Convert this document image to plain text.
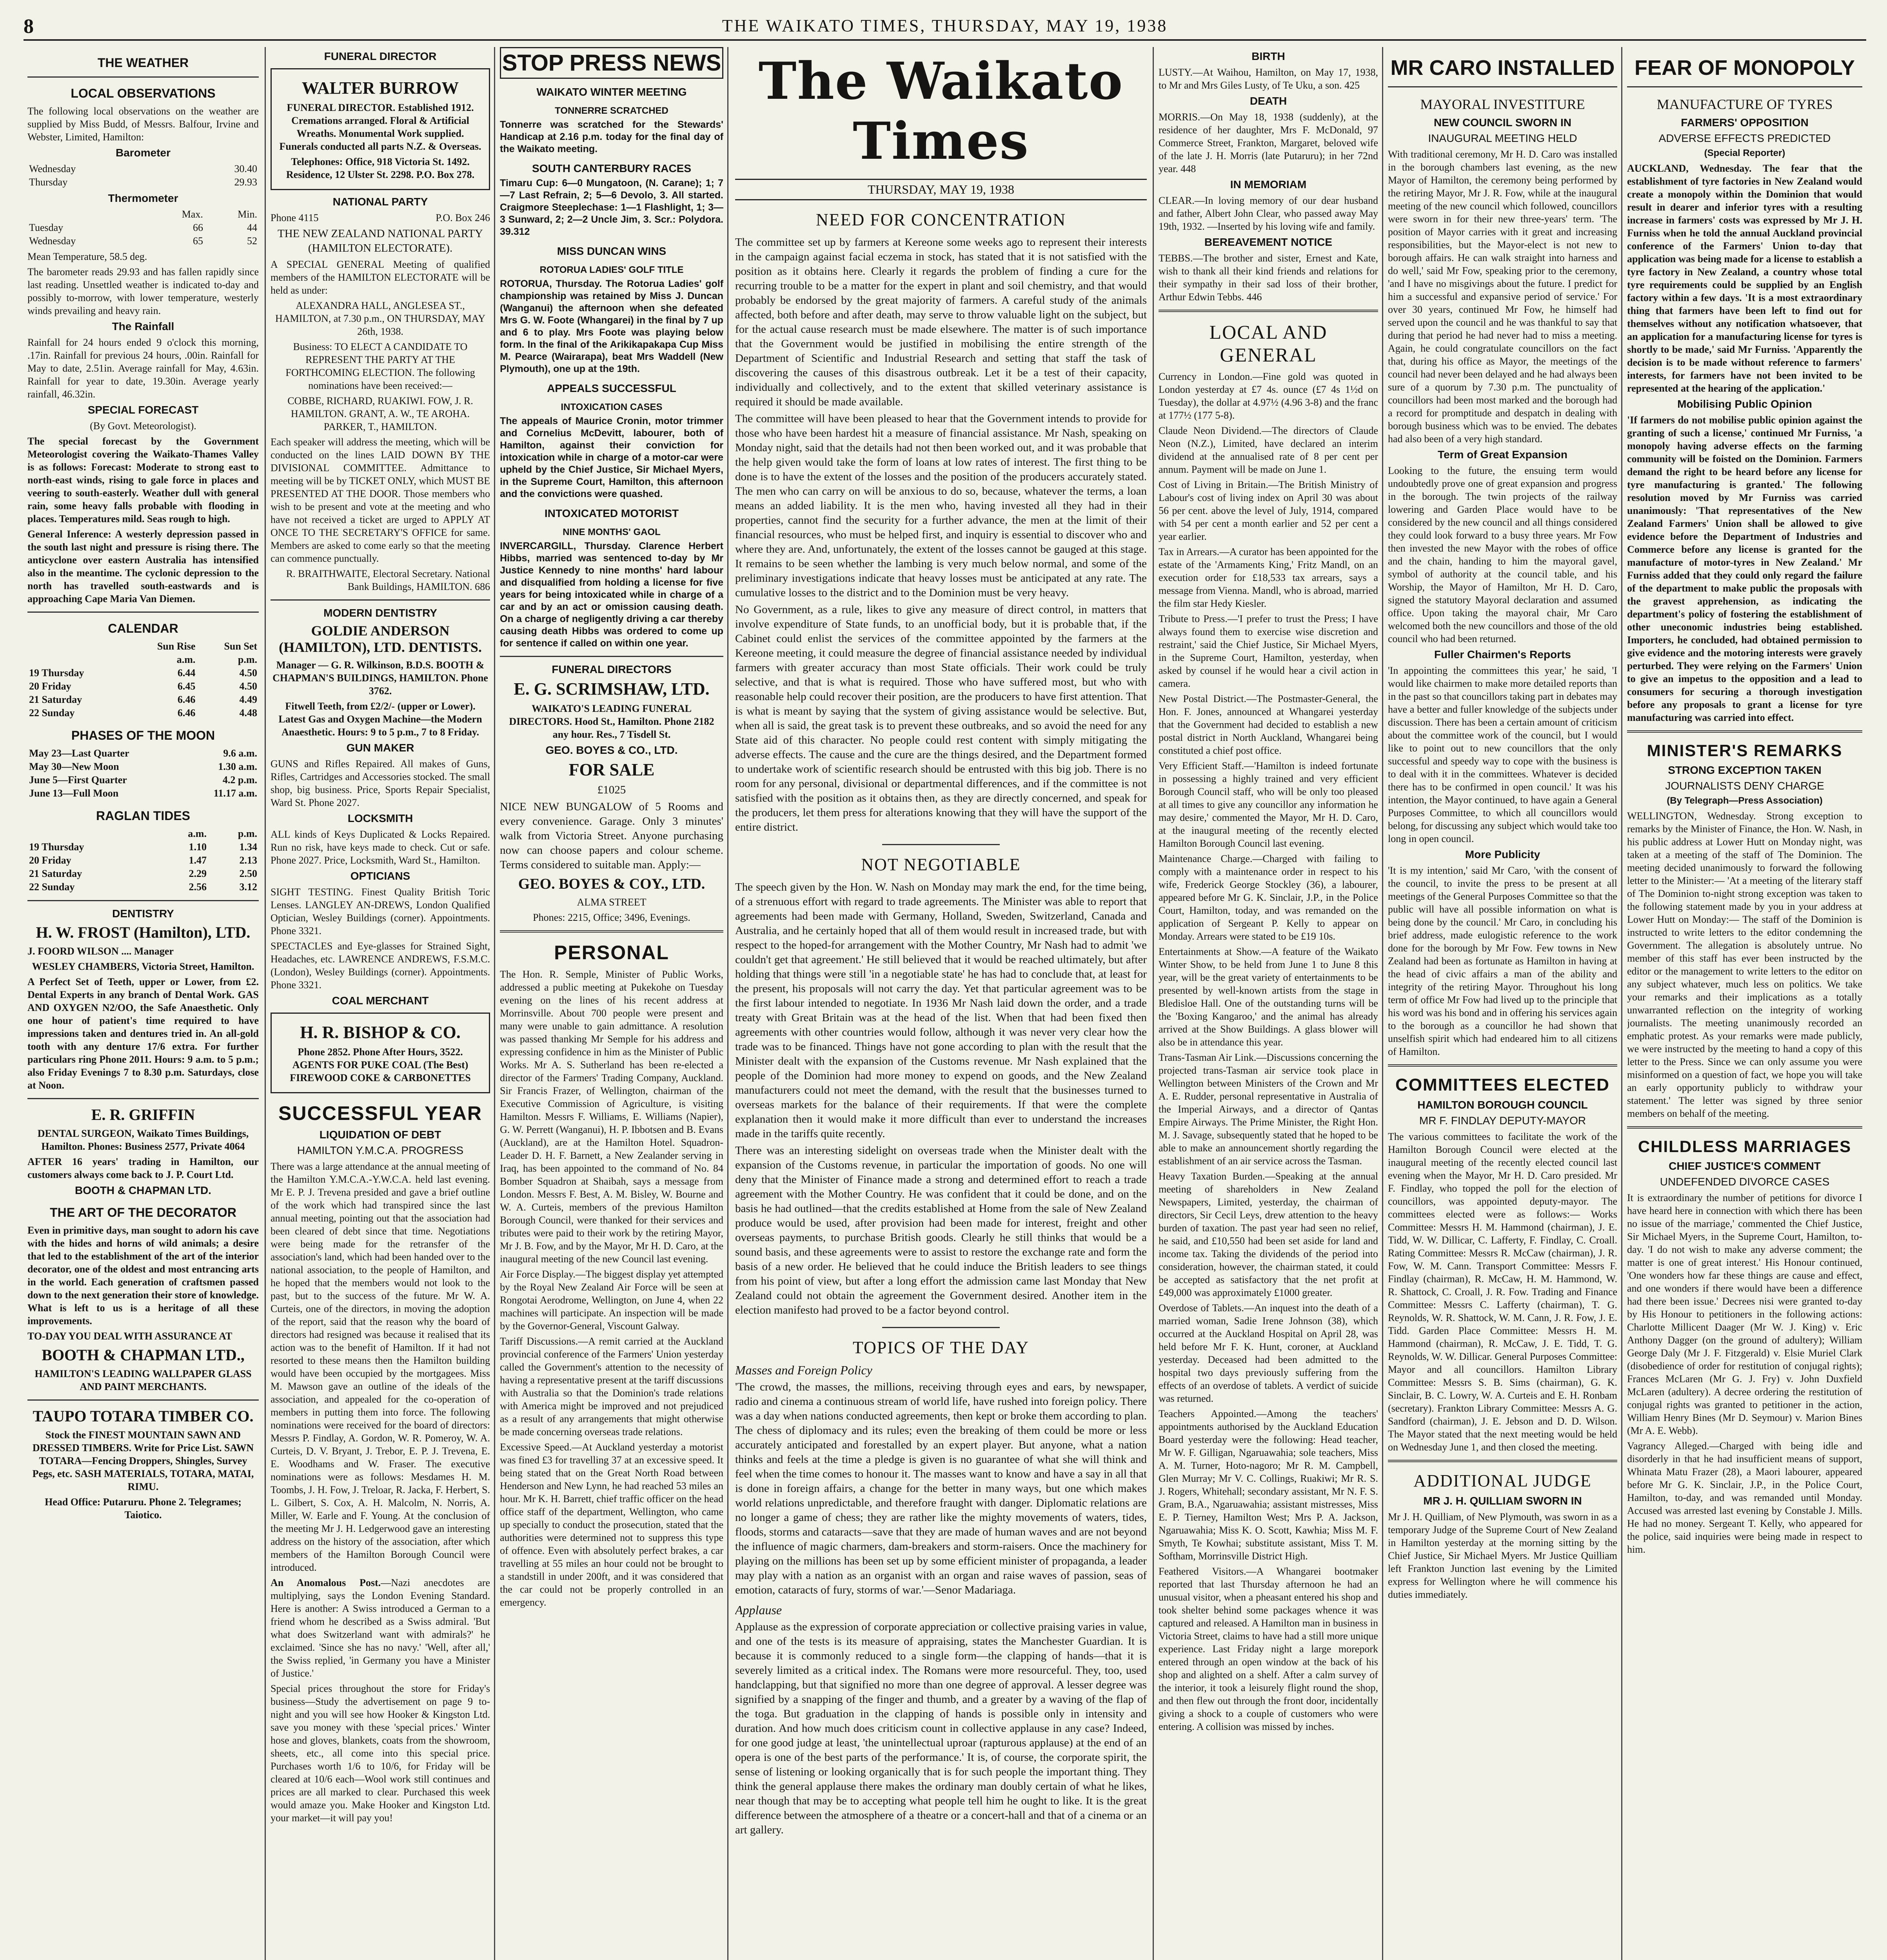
8	THE WAIKATO TIMES, THURSDAY, MAY 19, 1938
THE WEATHER
LOCAL OBSERVATIONS
The following local observations on the weather are supplied by Miss Budd, of Messrs. Balfour, Irvine and Webster, Limited, Hamilton:
Barometer
Wednesday	30.40
Thursday	29.93
Thermometer
	Max.	Min.
Tuesday	66	44
Wednesday	65	52
Mean Temperature, 58.5 deg.
The barometer reads 29.93 and has fallen rapidly since last reading. Unsettled weather is indicated to-day and possibly to-morrow, with lower temperature, westerly winds prevailing and heavy rain.
The Rainfall
Rainfall for 24 hours ended 9 o'clock this morning, .17in. Rainfall for previous 24 hours, .00in. Rainfall for May to date, 2.51in. Average rainfall for May, 4.63in. Rainfall for year to date, 19.30in. Average yearly rainfall, 46.32in.
SPECIAL FORECAST
(By Govt. Meteorologist).
The special forecast by the Government Meteorologist covering the Waikato-Thames Valley is as follows: Forecast: Moderate to strong east to north-east winds, rising to gale force in places and veering to south-easterly. Weather dull with general rain, some heavy falls probable with flooding in places. Temperatures mild. Seas rough to high.
General Inference: A westerly depression passed in the south last night and pressure is rising there. The anticyclone over eastern Australia has intensified also in the meantime. The cyclonic depression to the north has travelled south-eastwards and is approaching Cape Maria Van Diemen.
CALENDAR
	Sun Rise	Sun Set
	a.m.	p.m.
19 Thursday	6.44	4.50
20 Friday	6.45	4.50
21 Saturday	6.46	4.49
22 Sunday	6.46	4.48
PHASES OF THE MOON
May 23—Last Quarter	9.6 a.m.
May 30—New Moon	1.30 a.m.
June 5—First Quarter	4.2 p.m.
June 13—Full Moon	11.17 a.m.
RAGLAN TIDES
	a.m.	p.m.
19 Thursday	1.10	1.34
20 Friday	1.47	2.13
21 Saturday	2.29	2.50
22 Sunday	2.56	3.12
DENTISTRY
H. W. FROST (Hamilton), LTD.
J. FOORD WILSON .... Manager
WESLEY CHAMBERS, Victoria Street, Hamilton.
A Perfect Set of Teeth, upper or Lower, from £2. Dental Experts in any branch of Dental Work. GAS AND OXYGEN N2/OO, the Safe Anaesthetic. Only one hour of patient's time required to have impressions taken and dentures tried in. An all-gold tooth with any denture 17/6 extra. For further particulars ring Phone 2011. Hours: 9 a.m. to 5 p.m.; also Friday Evenings 7 to 8.30 p.m. Saturdays, close at Noon.
E. R. GRIFFIN
DENTAL SURGEON, Waikato Times Buildings, Hamilton. Phones: Business 2577, Private 4064
AFTER 16 years' trading in Hamilton, our customers always come back to J. P. Court Ltd.
BOOTH & CHAPMAN LTD.
THE ART OF THE DECORATOR
Even in primitive days, man sought to adorn his cave with the hides and horns of wild animals; a desire that led to the establishment of the art of the interior decorator, one of the oldest and most entrancing arts in the world. Each generation of craftsmen passed down to the next generation their store of knowledge. What is left to us is a heritage of all these improvements.
TO-DAY YOU DEAL WITH ASSURANCE AT
BOOTH & CHAPMAN LTD.,
HAMILTON'S LEADING WALLPAPER GLASS AND PAINT MERCHANTS.
TAUPO TOTARA TIMBER CO.
Stock the FINEST MOUNTAIN SAWN AND DRESSED TIMBERS. Write for Price List. SAWN TOTARA—Fencing Droppers, Shingles, Survey Pegs, etc. SASH MATERIALS, TOTARA, MATAI, RIMU.
Head Office: Putaruru. Phone 2. Telegrames; Taiotico.
FUNERAL DIRECTOR
WALTER BURROW
FUNERAL DIRECTOR. Established 1912. Cremations arranged. Floral & Artificial Wreaths. Monumental Work supplied. Funerals conducted all parts N.Z. & Overseas.
Telephones: Office, 918 Victoria St. 1492. Residence, 12 Ulster St. 2298. P.O. Box 278.
NATIONAL PARTY
Phone 4115	P.O. Box 246
THE NEW ZEALAND NATIONAL PARTY (HAMILTON ELECTORATE).
A SPECIAL GENERAL Meeting of qualified members of the HAMILTON ELECTORATE will be held as under:
ALEXANDRA HALL, ANGLESEA ST., HAMILTON, at 7.30 p.m., ON THURSDAY, MAY 26th, 1938.
Business: TO ELECT A CANDIDATE TO REPRESENT THE PARTY AT THE FORTHCOMING ELECTION. The following nominations have been received:—
COBBE, RICHARD, RUAKIWI. FOW, J. R. HAMILTON. GRANT, A. W., TE AROHA. PARKER, T., HAMILTON.
Each speaker will address the meeting, which will be conducted on the lines LAID DOWN BY THE DIVISIONAL COMMITTEE. Admittance to meeting will be by TICKET ONLY, which MUST BE PRESENTED AT THE DOOR. Those members who wish to be present and vote at the meeting and who have not received a ticket are urged to APPLY AT ONCE TO THE SECRETARY'S OFFICE for same. Members are asked to come early so that the meeting can commence punctually.
R. BRAITHWAITE, Electoral Secretary. National Bank Buildings, HAMILTON. 686
MODERN DENTISTRY
GOLDIE ANDERSON (HAMILTON), LTD. DENTISTS.
Manager — G. R. Wilkinson, B.D.S. BOOTH & CHAPMAN'S BUILDINGS, HAMILTON. Phone 3762.
Fitwell Teeth, from £2/2/- (upper or Lower). Latest Gas and Oxygen Machine—the Modern Anaesthetic. Hours: 9 to 5 p.m., 7 to 8 Friday.
GUN MAKER
GUNS and Rifles Repaired. All makes of Guns, Rifles, Cartridges and Accessories stocked. The small shop, big business. Price, Sports Repair Specialist, Ward St. Phone 2027.
LOCKSMITH
ALL kinds of Keys Duplicated & Locks Repaired. Run no risk, have keys made to check. Cut or safe. Phone 2027. Price, Locksmith, Ward St., Hamilton.
OPTICIANS
SIGHT TESTING. Finest Quality British Toric Lenses. LANGLEY AN-DREWS, London Qualified Optician, Wesley Buildings (corner). Appointments. Phone 3321.
SPECTACLES and Eye-glasses for Strained Sight, Headaches, etc. LAWRENCE ANDREWS, F.S.M.C. (London), Wesley Buildings (corner). Appointments. Phone 3321.
COAL MERCHANT
H. R. BISHOP & CO.
Phone 2852. Phone After Hours, 3522. AGENTS FOR PUKE COAL (The Best) FIREWOOD COKE & CARBONETTES
SUCCESSFUL YEAR
LIQUIDATION OF DEBT
HAMILTON Y.M.C.A. PROGRESS
There was a large attendance at the annual meeting of the Hamilton Y.M.C.A.-Y.W.C.A. held last evening. Mr E. P. J. Trevena presided and gave a brief outline of the work which had transpired since the last annual meeting, pointing out that the association had been cleared of debt since that time. Negotiations were being made for the retransfer of the association's land, which had been handed over to the national association, to the people of Hamilton, and he hoped that the members would not look to the past, but to the success of the future. Mr W. A. Curteis, one of the directors, in moving the adoption of the report, said that the reason why the board of directors had resigned was because it realised that its action was to the benefit of Hamilton. If it had not resorted to these means then the Hamilton building would have been occupied by the mortgagees. Miss M. Mawson gave an outline of the ideals of the association, and appealed for the co-operation of members in putting them into force. The following nominations were received for the board of directors: Messrs P. Findlay, A. Gordon, W. R. Pomeroy, W. A. Curteis, D. V. Bryant, J. Trebor, E. P. J. Trevena, E. E. Woodhams and W. Fraser. The executive nominations were as follows: Mesdames H. M. Toombs, J. H. Fow, J. Treloar, R. Jacka, F. Herbert, S. L. Gilbert, S. Cox, A. H. Malcolm, N. Norris, A. Miller, W. Earle and F. Young. At the conclusion of the meeting Mr J. H. Ledgerwood gave an interesting address on the history of the association, after which members of the Hamilton Borough Council were introduced.
An Anomalous Post.—Nazi anecdotes are multiplying, says the London Evening Standard. Here is another: A Swiss introduced a German to a friend whom he described as a Swiss admiral. 'But what does Switzerland want with admirals?' he exclaimed. 'Since she has no navy.' 'Well, after all,' the Swiss replied, 'in Germany you have a Minister of Justice.'
Special prices throughout the store for Friday's business—Study the advertisement on page 9 to-night and you will see how Hooker & Kingston Ltd. save you money with these 'special prices.' Winter hose and gloves, blankets, coats from the showroom, sheets, etc., all come into this special price. Purchases worth 1/6 to 10/6, for Friday will be cleared at 10/6 each—Wool work still continues and prices are all marked to clear. Purchased this week would amaze you. Make Hooker and Kingston Ltd. your market—it will pay you!
STOP PRESS NEWS
WAIKATO WINTER MEETING
TONNERRE SCRATCHED
Tonnerre was scratched for the Stewards' Handicap at 2.16 p.m. today for the final day of the Waikato meeting.
SOUTH CANTERBURY RACES
Timaru Cup: 6—0 Mungatoon, (N. Carane); 1; 7—7 Last Refrain, 2; 5—6 Devolo, 3. All started. Craigmore Steeplechase: 1—1 Flashlight, 1; 3—3 Sunward, 2; 2—2 Uncle Jim, 3. Scr.: Polydora. 39.312
MISS DUNCAN WINS
ROTORUA LADIES' GOLF TITLE
ROTORUA, Thursday. The Rotorua Ladies' golf championship was retained by Miss J. Duncan (Wanganui) the afternoon when she defeated Mrs G. W. Foote (Whangarei) in the final by 7 up and 6 to play. Mrs Foote was playing below form. In the final of the Arikikapakapa Cup Miss M. Pearce (Wairarapa), beat Mrs Waddell (New Plymouth), one up at the 19th.
APPEALS SUCCESSFUL
INTOXICATION CASES
The appeals of Maurice Cronin, motor trimmer and Cornelius McDevitt, labourer, both of Hamilton, against their conviction for intoxication while in charge of a motor-car were upheld by the Chief Justice, Sir Michael Myers, in the Supreme Court, Hamilton, this afternoon and the convictions were quashed.
INTOXICATED MOTORIST
NINE MONTHS' GAOL
INVERCARGILL, Thursday. Clarence Herbert Hibbs, married was sentenced to-day by Mr Justice Kennedy to nine months' hard labour and disqualified from holding a license for five years for being intoxicated while in charge of a car and by an act or omission causing death. On a charge of negligently driving a car thereby causing death Hibbs was ordered to come up for sentence if called on within one year.
FUNERAL DIRECTORS
E. G. SCRIMSHAW, LTD.
WAIKATO'S LEADING FUNERAL DIRECTORS. Hood St., Hamilton. Phone 2182 any hour. Res., 7 Tisdell St.
GEO. BOYES & CO., LTD.
FOR SALE
£1025
NICE NEW BUNGALOW of 5 Rooms and every convenience. Garage. Only 3 minutes' walk from Victoria Street. Anyone purchasing now can choose papers and colour scheme. Terms considered to suitable man. Apply:—
GEO. BOYES & COY., LTD.
ALMA STREET
Phones: 2215, Office; 3496, Evenings.
PERSONAL
The Hon. R. Semple, Minister of Public Works, addressed a public meeting at Pukekohe on Tuesday evening on the lines of his recent address at Morrinsville. About 700 people were present and many were unable to gain admittance. A resolution was passed thanking Mr Semple for his address and expressing confidence in him as the Minister of Public Works. Mr A. S. Sutherland has been re-elected a director of the Farmers' Trading Company, Auckland. Sir Francis Frazer, of Wellington, chairman of the Executive Commission of Agriculture, is visiting Hamilton. Messrs F. Williams, E. Williams (Napier), G. W. Perrett (Wanganui), H. P. Ibbotsen and B. Evans (Auckland), are at the Hamilton Hotel. Squadron-Leader D. H. F. Barnett, a New Zealander serving in Iraq, has been appointed to the command of No. 84 Bomber Squadron at Shaibah, says a message from London. Messrs F. Best, A. M. Bisley, W. Bourne and W. A. Curteis, members of the previous Hamilton Borough Council, were thanked for their services and tributes were paid to their work by the retiring Mayor, Mr J. B. Fow, and by the Mayor, Mr H. D. Caro, at the inaugural meeting of the new Council last evening.
Air Force Display.—The biggest display yet attempted by the Royal New Zealand Air Force will be seen at Rongotai Aerodrome, Wellington, on June 4, when 22 machines will participate. An inspection will be made by the Governor-General, Viscount Galway.
Tariff Discussions.—A remit carried at the Auckland provincial conference of the Farmers' Union yesterday called the Government's attention to the necessity of having a representative present at the tariff discussions with Australia so that the Dominion's trade relations with America might be improved and not prejudiced as a result of any arrangements that might otherwise be made concerning overseas trade relations.
Excessive Speed.—At Auckland yesterday a motorist was fined £3 for travelling 37 at an excessive speed. It being stated that on the Great North Road between Henderson and New Lynn, he had reached 53 miles an hour. Mr K. H. Barrett, chief traffic officer on the head office staff of the department, Wellington, who came up specially to conduct the prosecution, stated that the authorities were determined not to suppress this type of offence. Even with absolutely perfect brakes, a car travelling at 55 miles an hour could not be brought to a standstill in under 200ft, and it was considered that the car could not be properly controlled in an emergency.
The Waikato Times
THURSDAY, MAY 19, 1938
NEED FOR CONCENTRATION
The committee set up by farmers at Kereone some weeks ago to represent their interests in the campaign against facial eczema in stock, has stated that it is not satisfied with the position as it obtains here. Clearly it regards the problem of finding a cure for the recurring trouble to be a matter for the expert in plant and soil chemistry, and that would probably be endorsed by the great majority of farmers. A careful study of the animals affected, both before and after death, may serve to throw valuable light on the subject, but for the actual cause research must be made elsewhere. The matter is of such importance that the Government would be justified in mobilising the entire strength of the Department of Scientific and Industrial Research and setting that staff the task of discovering the causes of this disastrous outbreak. Let it be a test of their capacity, individually and collectively, and to the extent that skilled veterinary assistance is required it should be made available.
The committee will have been pleased to hear that the Government intends to provide for those who have been hardest hit a measure of financial assistance. Mr Nash, speaking on Monday night, said that the details had not then been worked out, and it was probable that the help given would take the form of loans at low rates of interest. The first thing to be done is to have the extent of the losses and the position of the producers accurately stated. The men who can carry on will be anxious to do so, because, whatever the terms, a loan means an added liability. It is the men who, having invested all they had in their properties, cannot find the security for a further advance, the men at the limit of their financial resources, who must be helped first, and inquiry is essential to discover who and where they are. And, unfortunately, the extent of the losses cannot be gauged at this stage. It remains to be seen whether the lambing is very much below normal, and some of the preliminary investigations indicate that heavy losses must be anticipated at any rate. The cumulative losses to the district and to the Dominion must be very heavy.
No Government, as a rule, likes to give any measure of direct control, in matters that involve expenditure of State funds, to an unofficial body, but it is probable that, if the Cabinet could enlist the services of the committee appointed by the farmers at the Kereone meeting, it could measure the degree of financial assistance needed by individual farmers with greater accuracy than most State officials. Their work could be truly selective, and that is what is required. Those who have suffered most, but who with reasonable help could recover their position, are the producers to have first attention. That is what is meant by saying that the system of giving assistance would be selective. But, when all is said, the great task is to prevent these outbreaks, and so avoid the need for any State aid of this character. No people could rest content with simply mitigating the adverse effects. The cause and the cure are the things desired, and the Department formed to undertake work of scientific research should be entrusted with this big job. There is no room for any personal, divisional or departmental differences, and if the committee is not satisfied with the position as it obtains then, as they are directly concerned, and speak for the producers, let them press for alterations knowing that they will have the support of the entire district.
NOT NEGOTIABLE
The speech given by the Hon. W. Nash on Monday may mark the end, for the time being, of a strenuous effort with regard to trade agreements. The Minister was able to report that agreements had been made with Germany, Holland, Sweden, Switzerland, Canada and Australia, and he certainly hoped that all of them would result in increased trade, but with respect to the hoped-for arrangement with the Mother Country, Mr Nash had to admit 'we couldn't get that agreement.' He still believed that it would be reached ultimately, but after holding that things were still 'in a negotiable state' he has had to conclude that, at least for the present, his proposals will not carry the day. Yet that particular agreement was to be the first labour intended to negotiate. In 1936 Mr Nash laid down the order, and a trade treaty with Great Britain was at the head of the list. When that had been fixed then agreements with other countries would follow, although it was never very clear how the trade was to be financed. Things have not gone according to plan with the result that the Minister dealt with the expansion of the Customs revenue. Mr Nash explained that the people of the Dominion had more money to expend on goods, and the New Zealand manufacturers could not meet the demand, with the result that the businesses turned to overseas markets for the balance of their requirements. If that were the complete explanation then it would make it more difficult than ever to understand the increases made in the tariffs quite recently.
There was an interesting sidelight on overseas trade when the Minister dealt with the expansion of the Customs revenue, in particular the importation of goods. No one will deny that the Minister of Finance made a strong and determined effort to reach a trade agreement with the Mother Country. He was confident that it could be done, and on the basis he had outlined—that the credits established at Home from the sale of New Zealand produce would be used, after provision had been made for interest, freight and other overseas payments, to purchase British goods. Clearly he still thinks that would be a sound basis, and these agreements were to assist to restore the exchange rate and form the basis of a new order. He believed that he could induce the British leaders to see things from his point of view, but after a long effort the admission came last Monday that New Zealand could not obtain the agreement the Government desired. Another item in the election manifesto had proved to be a factor beyond control.
TOPICS OF THE DAY
Masses and Foreign Policy
'The crowd, the masses, the millions, receiving through eyes and ears, by newspaper, radio and cinema a continuous stream of world life, have rushed into foreign policy. There was a day when nations conducted agreements, then kept or broke them according to plan. The chess of diplomacy and its rules; even the breaking of them could be more or less accurately anticipated and forestalled by an expert player. But anyone, what a nation thinks and feels at the time a pledge is given is no guarantee of what she will think and feel when the time comes to honour it. The masses want to know and have a say in all that is done in foreign affairs, a change for the better in many ways, but one which makes world relations unpredictable, and therefore fraught with danger. Diplomatic relations are no longer a game of chess; they are rather like the mighty movements of waters, tides, floods, storms and cataracts—save that they are made of human waves and are not beyond the influence of magic charmers, dam-breakers and storm-raisers. Once the machinery for playing on the millions has been set up by some efficient minister of propaganda, a leader may play with a nation as an organist with an organ and raise waves of passion, seas of emotion, cataracts of fury, storms of war.'—Senor Madariaga.
Applause
Applause as the expression of corporate appreciation or collective praising varies in value, and one of the tests is its measure of appraising, states the Manchester Guardian. It is because it is commonly reduced to a single form—the clapping of hands—that it is severely limited as a critical index. The Romans were more resourceful. They, too, used handclapping, but that signified no more than one degree of approval. A lesser degree was signified by a snapping of the finger and thumb, and a greater by a waving of the flap of the toga. But graduation in the clapping of hands is possible only in intensity and duration. And how much does criticism count in collective applause in any case? Indeed, for one good judge at least, 'the unintellectual uproar (rapturous applause) at the end of an opera is one of the best parts of the performance.' It is, of course, the corporate spirit, the sense of listening or looking organically that is for such people the important thing. They think the general applause there makes the ordinary man doubly certain of what he likes, near though that may be to accepting what people tell him he ought to like. It is the great difference between the atmosphere of a theatre or a concert-hall and that of a cinema or an art gallery.
BIRTH
LUSTY.—At Waihou, Hamilton, on May 17, 1938, to Mr and Mrs Giles Lusty, of Te Uku, a son. 425
DEATH
MORRIS.—On May 18, 1938 (suddenly), at the residence of her daughter, Mrs F. McDonald, 97 Commerce Street, Frankton, Margaret, beloved wife of the late J. H. Morris (late Putaruru); in her 72nd year. 448
IN MEMORIAM
CLEAR.—In loving memory of our dear husband and father, Albert John Clear, who passed away May 19th, 1932. —Inserted by his loving wife and family.
BEREAVEMENT NOTICE
TEBBS.—The brother and sister, Ernest and Kate, wish to thank all their kind friends and relations for their sympathy in their sad loss of their brother, Arthur Edwin Tebbs. 446
LOCAL AND GENERAL
Currency in London.—Fine gold was quoted in London yesterday at £7 4s. ounce (£7 4s 1½d on Tuesday), the dollar at 4.97½ (4.96 3-8) and the franc at 177½ (177 5-8).
Claude Neon Dividend.—The directors of Claude Neon (N.Z.), Limited, have declared an interim dividend at the annualised rate of 8 per cent per annum. Payment will be made on June 1.
Cost of Living in Britain.—The British Ministry of Labour's cost of living index on April 30 was about 56 per cent. above the level of July, 1914, compared with 54 per cent a month earlier and 52 per cent a year earlier.
Tax in Arrears.—A curator has been appointed for the estate of the 'Armaments King,' Fritz Mandl, on an execution order for £18,533 tax arrears, says a message from Vienna. Mandl, who is abroad, married the film star Hedy Kiesler.
Tribute to Press.—'I prefer to trust the Press; I have always found them to exercise wise discretion and restraint,' said the Chief Justice, Sir Michael Myers, in the Supreme Court, Hamilton, yesterday, when asked by counsel if he would hear a civil action in camera.
New Postal District.—The Postmaster-General, the Hon. F. Jones, announced at Whangarei yesterday that the Government had decided to establish a new postal district in North Auckland, Whangarei being constituted a chief post office.
Very Efficient Staff.—'Hamilton is indeed fortunate in possessing a highly trained and very efficient Borough Council staff, who will be only too pleased at all times to give any councillor any information he may desire,' commented the Mayor, Mr H. D. Caro, at the inaugural meeting of the recently elected Hamilton Borough Council last evening.
Maintenance Charge.—Charged with failing to comply with a maintenance order in respect to his wife, Frederick George Stockley (36), a labourer, appeared before Mr G. K. Sinclair, J.P., in the Police Court, Hamilton, today, and was remanded on the application of Sergeant P. Kelly to appear on Monday. Arrears were stated to be £19 10s.
Entertainments at Show.—A feature of the Waikato Winter Show, to be held from June 1 to June 8 this year, will be the great variety of entertainments to be presented by well-known artists from the stage in Bledisloe Hall. One of the outstanding turns will be the 'Boxing Kangaroo,' and the animal has already arrived at the Show Buildings. A glass blower will also be in attendance this year.
Trans-Tasman Air Link.—Discussions concerning the projected trans-Tasman air service took place in Wellington between Ministers of the Crown and Mr A. E. Rudder, personal representative in Australia of the Imperial Airways, and a director of Qantas Empire Airways. The Prime Minister, the Right Hon. M. J. Savage, subsequently stated that he hoped to be able to make an announcement shortly regarding the establishment of an air service across the Tasman.
Heavy Taxation Burden.—Speaking at the annual meeting of shareholders in New Zealand Newspapers, Limited, yesterday, the chairman of directors, Sir Cecil Leys, drew attention to the heavy burden of taxation. The past year had seen no relief, he said, and £10,550 had been set aside for land and income tax. Taking the dividends of the period into consideration, however, the chairman stated, it could be accepted as satisfactory that the net profit at £49,000 was approximately £1000 greater.
Overdose of Tablets.—An inquest into the death of a married woman, Sadie Irene Johnson (38), which occurred at the Auckland Hospital on April 28, was held before Mr F. K. Hunt, coroner, at Auckland yesterday. Deceased had been admitted to the hospital two days previously suffering from the effects of an overdose of tablets. A verdict of suicide was returned.
Teachers Appointed.—Among the teachers' appointments authorised by the Auckland Education Board yesterday were the following: Head teacher, Mr W. F. Gilligan, Ngaruawahia; sole teachers, Miss A. M. Turner, Hoto-nagoro; Mr R. M. Campbell, Glen Murray; Mr V. C. Collings, Ruakiwi; Mr R. S. J. Rogers, Whitehall; secondary assistant, Mr N. F. S. Gram, B.A., Ngaruawahia; assistant mistresses, Miss E. P. Tierney, Hamilton West; Mrs P. A. Jackson, Ngaruawahia; Miss K. O. Scott, Kawhia; Miss M. F. Smyth, Te Kowhai; substitute assistant, Miss T. M. Softham, Morrinsville District High.
Feathered Visitors.—A Whangarei bootmaker reported that last Thursday afternoon he had an unusual visitor, when a pheasant entered his shop and took shelter behind some packages whence it was captured and released. A Hamilton man in business in Victoria Street, claims to have had a still more unique experience. Last Friday night a large morepork entered through an open window at the back of his shop and alighted on a shelf. After a calm survey of the interior, it took a leisurely flight round the shop, and then flew out through the front door, incidentally giving a shock to a couple of customers who were entering. A collision was missed by inches.
MR CARO INSTALLED
MAYORAL INVESTITURE
NEW COUNCIL SWORN IN
INAUGURAL MEETING HELD
With traditional ceremony, Mr H. D. Caro was installed in the borough chambers last evening, as the new Mayor of Hamilton, the ceremony being performed by the retiring Mayor, Mr J. R. Fow, while at the inaugural meeting of the new council which followed, councillors were sworn in for their new three-years' term. 'The position of Mayor carries with it great and increasing responsibilities, but the Mayor-elect is not new to borough affairs. He can walk straight into harness and do well,' said Mr Fow, speaking prior to the ceremony, 'and I have no misgivings about the future. I predict for him a successful and expansive period of service.' For over 30 years, continued Mr Fow, he himself had served upon the council and he was thankful to say that during that period he had never had to miss a meeting. Again, he could congratulate councillors on the fact that, during his office as Mayor, the meetings of the council had never been delayed and he had always been sure of a quorum by 7.30 p.m. The punctuality of councillors had been most marked and the borough had a record for promptitude and despatch in dealing with borough business which was to be envied. The debates had also been of a very high standard.
Term of Great Expansion
Looking to the future, the ensuing term would undoubtedly prove one of great expansion and progress in the borough. The twin projects of the railway lowering and Garden Place would have to be considered by the new council and all things considered they could look forward to a busy three years. Mr Fow then invested the new Mayor with the robes of office and the chain, handing to him the mayoral gavel, symbol of authority at the council table, and his Worship, the Mayor of Hamilton, Mr H. D. Caro, signed the statutory Mayoral declaration and assumed office. Upon taking the mayoral chair, Mr Caro welcomed both the new councillors and those of the old council who had been returned.
Fuller Chairmen's Reports
'In appointing the committees this year,' he said, 'I would like chairmen to make more detailed reports than in the past so that councillors taking part in debates may have a better and fuller knowledge of the subjects under discussion. There has been a certain amount of criticism about the committee work of the council, but I would like to point out to new councillors that the only successful and speedy way to cope with the business is to deal with it in the committees. Whatever is decided there has to be confirmed in open council.' It was his intention, the Mayor continued, to have again a General Purposes Committee, to which all councillors would belong, for discussing any subject which would take too long in open council.
More Publicity
'It is my intention,' said Mr Caro, 'with the consent of the council, to invite the press to be present at all meetings of the General Purposes Committee so that the public will have all possible information on what is being done by the council.' Mr Caro, in concluding his brief address, made eulogistic reference to the work done for the borough by Mr Fow. Few towns in New Zealand had been as fortunate as Hamilton in having at the head of civic affairs a man of the ability and integrity of the retiring Mayor. Throughout his long term of office Mr Fow had lived up to the principle that his word was his bond and in offering his services again to the borough as a councillor he had shown that unselfish spirit which had endeared him to all citizens of Hamilton.
COMMITTEES ELECTED
HAMILTON BOROUGH COUNCIL
MR F. FINDLAY DEPUTY-MAYOR
The various committees to facilitate the work of the Hamilton Borough Council were elected at the inaugural meeting of the recently elected council last evening when the Mayor, Mr H. D. Caro presided. Mr F. Findlay, who topped the poll for the election of councillors, was appointed deputy-mayor. The committees elected were as follows:— Works Committee: Messrs H. M. Hammond (chairman), J. E. Tidd, W. W. Dillicar, C. Lafferty, F. Findlay, C. Croall. Rating Committee: Messrs R. McCaw (chairman), J. R. Fow, W. M. Cann. Transport Committee: Messrs F. Findlay (chairman), R. McCaw, H. M. Hammond, W. R. Shattock, C. Croall, J. R. Fow. Trading and Finance Committee: Messrs C. Lafferty (chairman), T. G. Reynolds, W. R. Shattock, W. M. Cann, J. R. Fow, J. E. Tidd. Garden Place Committee: Messrs H. M. Hammond (chairman), R. McCaw, J. E. Tidd, T. G. Reynolds, W. W. Dillicar. General Purposes Committee: Mayor and all councillors. Hamilton Library Committee: Messrs S. B. Sims (chairman), G. K. Sinclair, B. C. Lowry, W. A. Curteis and E. H. Ronbam (secretary). Frankton Library Committee: Messrs A. G. Sandford (chairman), J. E. Jebson and D. D. Wilson. The Mayor stated that the next meeting would be held on Wednesday June 1, and then closed the meeting.
ADDITIONAL JUDGE
MR J. H. QUILLIAM SWORN IN
Mr J. H. Quilliam, of New Plymouth, was sworn in as a temporary Judge of the Supreme Court of New Zealand in Hamilton yesterday at the morning sitting by the Chief Justice, Sir Michael Myers. Mr Justice Quilliam left Frankton Junction last evening by the Limited express for Wellington where he will commence his duties immediately.
FEAR OF MONOPOLY
MANUFACTURE OF TYRES
FARMERS' OPPOSITION
ADVERSE EFFECTS PREDICTED
(Special Reporter)
AUCKLAND, Wednesday. The fear that the establishment of tyre factories in New Zealand would create a monopoly within the Dominion that would result in dearer and inferior tyres with a resulting increase in farmers' costs was expressed by Mr J. H. Furniss when he told the annual Auckland provincial conference of the Farmers' Union to-day that application was being made for a license to establish a tyre factory in New Zealand, a country whose total tyre requirements could be supplied by an English factory within a few days. 'It is a most extraordinary thing that farmers have been left to find out for themselves without any notification whatsoever, that an application for a manufacturing license for tyres is shortly to be made,' said Mr Furniss. 'Apparently the decision is to be made without reference to farmers' interests, for farmers have not been invited to be represented at the hearing of the application.'
Mobilising Public Opinion
'If farmers do not mobilise public opinion against the granting of such a license,' continued Mr Furniss, 'a monopoly having adverse effects on the farming community will be foisted on the Dominion. Farmers demand the right to be heard before any license for tyre manufacturing is granted.' The following resolution moved by Mr Furniss was carried unanimously: 'That representatives of the New Zealand Farmers' Union shall be allowed to give evidence before the Department of Industries and Commerce before any license is granted for the manufacture of motor-tyres in New Zealand.' Mr Furniss added that they could only regard the failure of the department to make public the proposals with the gravest apprehension, as indicating the department's policy of fostering the establishment of other uneconomic industries being established. Importers, he concluded, had obtained permission to give evidence and the motoring interests were gravely perturbed. They were relying on the Farmers' Union to give an impetus to the opposition and a lead to consumers for securing a thorough investigation before any proposals to grant a license for tyre manufacturing was carried into effect.
MINISTER'S REMARKS
STRONG EXCEPTION TAKEN
JOURNALISTS DENY CHARGE
(By Telegraph—Press Association)
WELLINGTON, Wednesday. Strong exception to remarks by the Minister of Finance, the Hon. W. Nash, in his public address at Lower Hutt on Monday night, was taken at a meeting of the staff of The Dominion. The meeting decided unanimously to forward the following letter to the Minister:— 'At a meeting of the literary staff of The Dominion to-night strong exception was taken to the following statement made by you in your address at Lower Hutt on Monday:— The staff of the Dominion is instructed to write letters to the editor condemning the Government. The allegation is absolutely untrue. No member of this staff has ever been instructed by the editor or the management to write letters to the editor on any subject whatever, much less on politics. We take your remarks and their implications as a totally unwarranted reflection on the integrity of working journalists. The meeting unanimously recorded an emphatic protest. As your remarks were made publicly, we were instructed by the meeting to hand a copy of this letter to the Press. Since we can only assume you were misinformed on a question of fact, we hope you will take an early opportunity publicly to withdraw your statement.' The letter was signed by three senior members on behalf of the meeting.
CHILDLESS MARRIAGES
CHIEF JUSTICE'S COMMENT
UNDEFENDED DIVORCE CASES
It is extraordinary the number of petitions for divorce I have heard here in connection with which there has been no issue of the marriage,' commented the Chief Justice, Sir Michael Myers, in the Supreme Court, Hamilton, to-day. 'I do not wish to make any adverse comment; the matter is one of great interest.' His Honour continued, 'One wonders how far these things are cause and effect, and one wonders if there would have been a difference had there been issue.' Decrees nisi were granted to-day by His Honour to petitioners in the following actions: Charlotte Millicent Daager (Mr W. J. King) v. Eric Anthony Dagger (on the ground of adultery); William George Daly (Mr J. F. Fitzgerald) v. Elsie Muriel Clark (disobedience of order for restitution of conjugal rights); Frances McLaren (Mr G. J. Fry) v. John Duxfield McLaren (adultery). A decree ordering the restitution of conjugal rights was granted to petitioner in the action, William Henry Bines (Mr D. Seymour) v. Marion Bines (Mr A. E. Webb).
Vagrancy Alleged.—Charged with being idle and disorderly in that he had insufficient means of support, Whinata Matu Frazer (28), a Maori labourer, appeared before Mr G. K. Sinclair, J.P., in the Police Court, Hamilton, to-day, and was remanded until Monday. Accused was arrested last evening by Constable J. Mills. He had no money. Sergeant T. Kelly, who appeared for the police, said inquiries were being made in respect to him.
